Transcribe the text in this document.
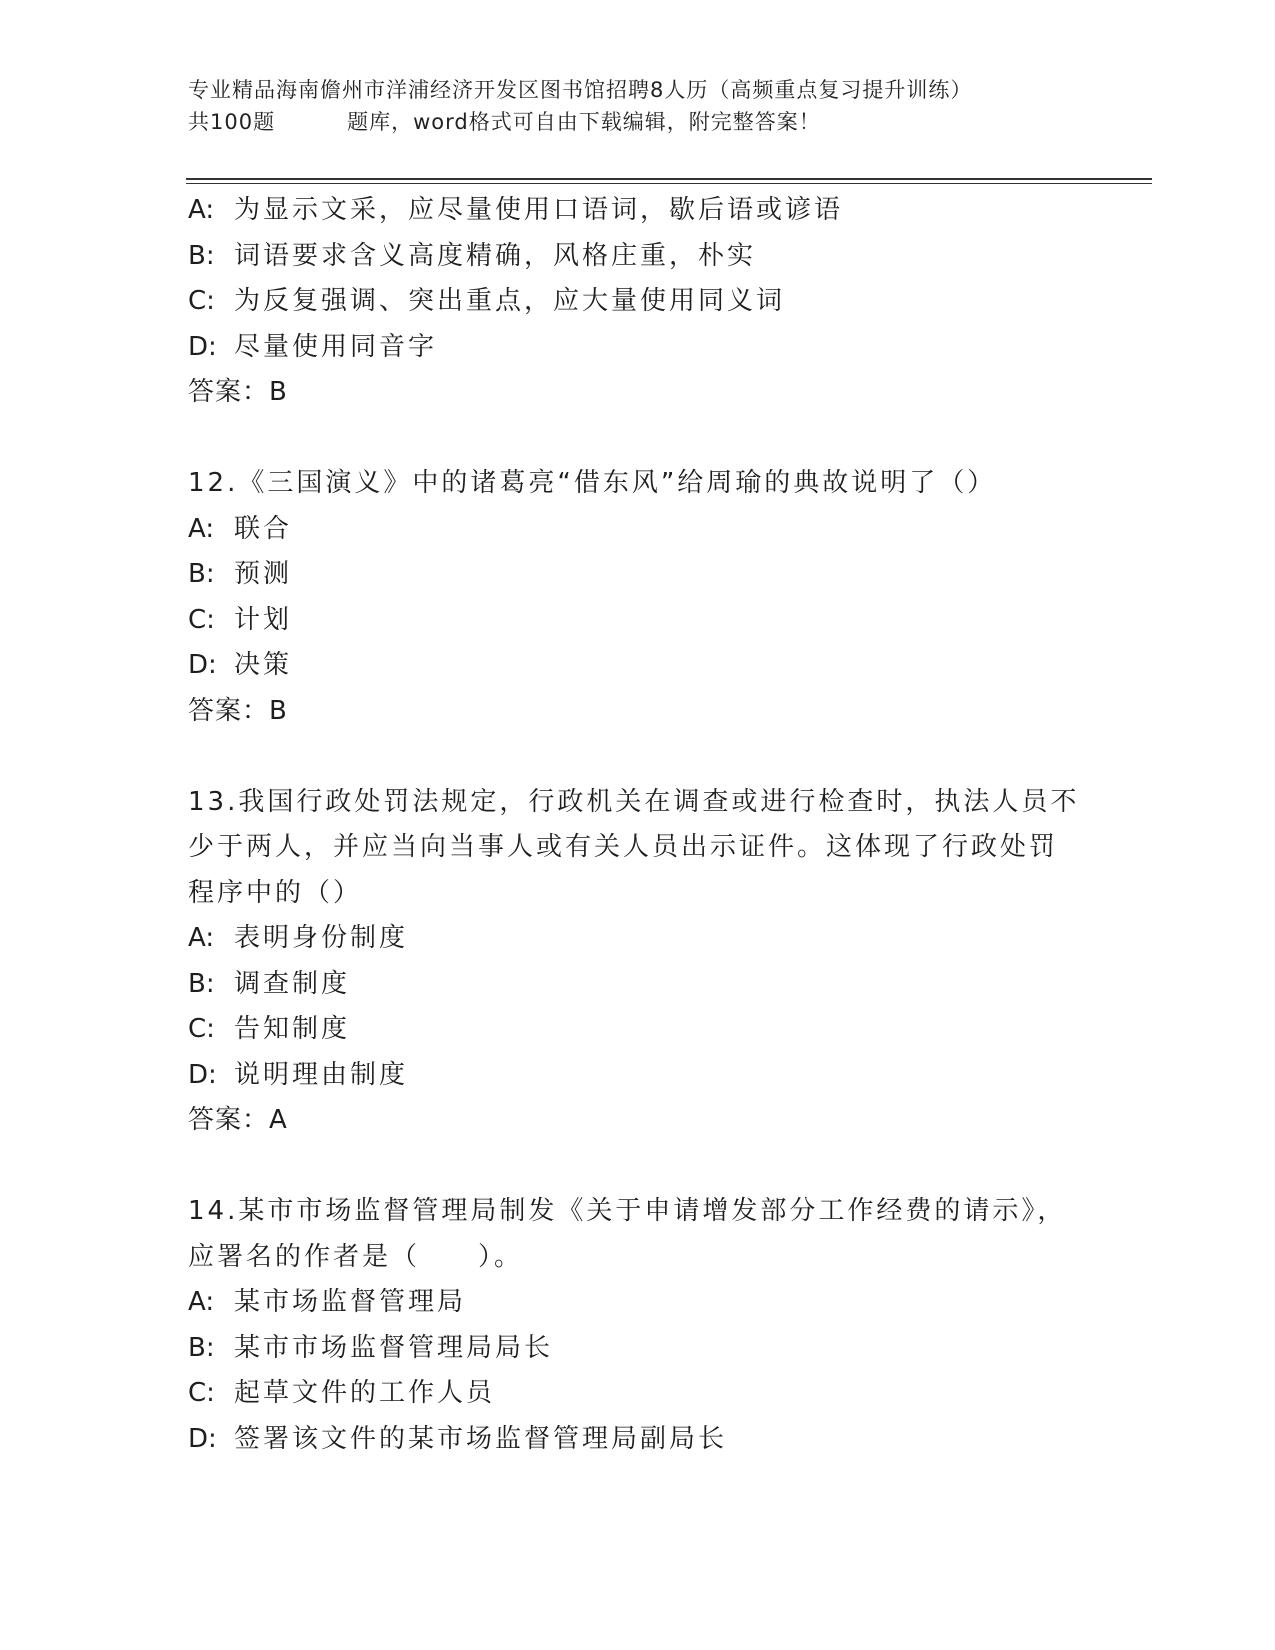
专业精品海南儋州市洋浦经济开发区图书馆招聘8人历（高频重点复习提升训练）
共100题	题库，word格式可自由下载编辑，附完整答案！
A: 为显示文采，应尽量使用口语词，歇后语或谚语
B: 词语要求含义高度精确，风格庄重，朴实
C: 为反复强调、突出重点，应大量使用同义词
D: 尽量使用同音字
答案：B
12.《三国演义》中的诸葛亮“借东风”给周瑜的典故说明了（）
A: 联合
B: 预测
C: 计划
D: 决策
答案：B
13.我国行政处罚法规定，行政机关在调查或进行检查时，执法人员不
少于两人，并应当向当事人或有关人员出示证件。这体现了行政处罚
程序中的（）
A: 表明身份制度
B: 调查制度
C: 告知制度
D: 说明理由制度
答案：A
14.某市市场监督管理局制发《关于申请增发部分工作经费的请示》，
应署名的作者是（　　）。
A: 某市场监督管理局
B: 某市市场监督管理局局长
C: 起草文件的工作人员
D: 签署该文件的某市场监督管理局副局长
